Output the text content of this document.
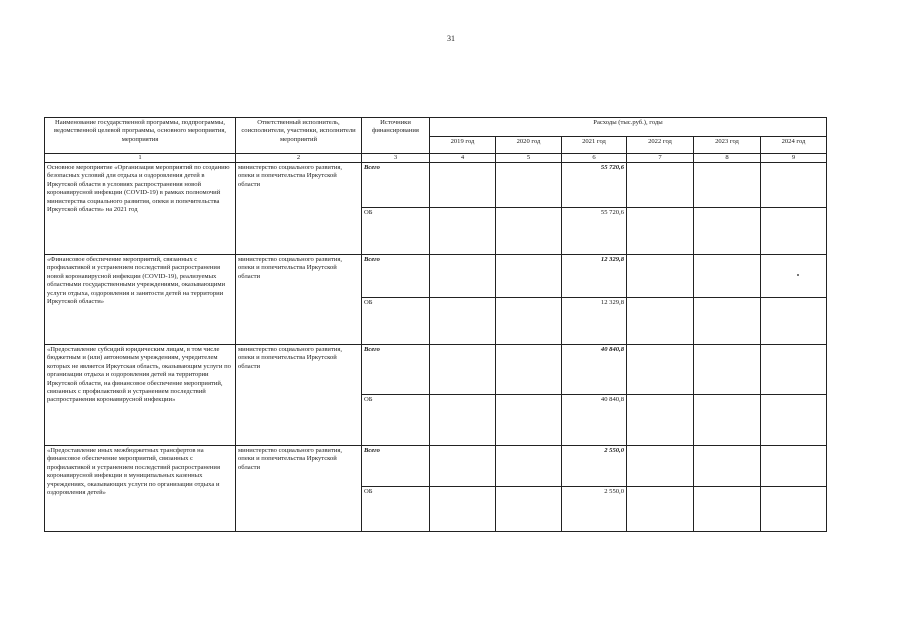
31
Наименование государственной программы, подпрограммы, ведомственной целевой программы, основного мероприятия, мероприятия	Ответственный исполнитель, соисполнители, участники, исполнители мероприятий	Источники финансирования	Расходы (тыс.руб.), годы					
			2019 год	2020 год	2021 год	2022 год	2023 год	2024 год
1	2	3	4	5	6	7	8	9
Основное мероприятие «Организация мероприятий по созданию безопасных условий для отдыха и оздоровления детей в Иркутской области в условиях распространения новой коронавирусной инфекции (COVID-19) в рамках полномочий министерства социального развития, опеки и попечительства Иркутской области» на 2021 год	министерство социального развития, опеки и попечительства Иркутской области	Всего			55 720,6			
		ОБ			55 720,6			
«Финансовое обеспечение мероприятий, связанных с профилактикой и устранением последствий распространения новой коронавирусной инфекции (COVID-19), реализуемых областными государственными учреждениями, оказывающими услуги отдыха, оздоровления и занятости детей на территории Иркутской области»	министерство социального развития, опеки и попечительства Иркутской области	Всего			12 329,8			
		ОБ			12 329,8			
«Предоставление субсидий юридическим лицам, в том числе бюджетным и (или) автономным учреждениям, учредителем которых не является Иркутская область, оказывающим услуги по организации отдыха и оздоровления детей на территории Иркутской области, на финансовое обеспечение мероприятий, связанных с профилактикой и устранением последствий распространения коронавирусной инфекции»	министерство социального развития, опеки и попечительства Иркутской области	Всего			40 840,8			
		ОБ			40 840,8			
«Предоставление иных межбюджетных трансфертов на финансовое обеспечение мероприятий, связанных с профилактикой и устранением последствий распространения коронавирусной инфекции в муниципальных казенных учреждениях, оказывающих услуги по организации отдыха и оздоровления детей»	министерство социального развития, опеки и попечительства Иркутской области	Всего			2 550,0			
		ОБ			2 550,0			
